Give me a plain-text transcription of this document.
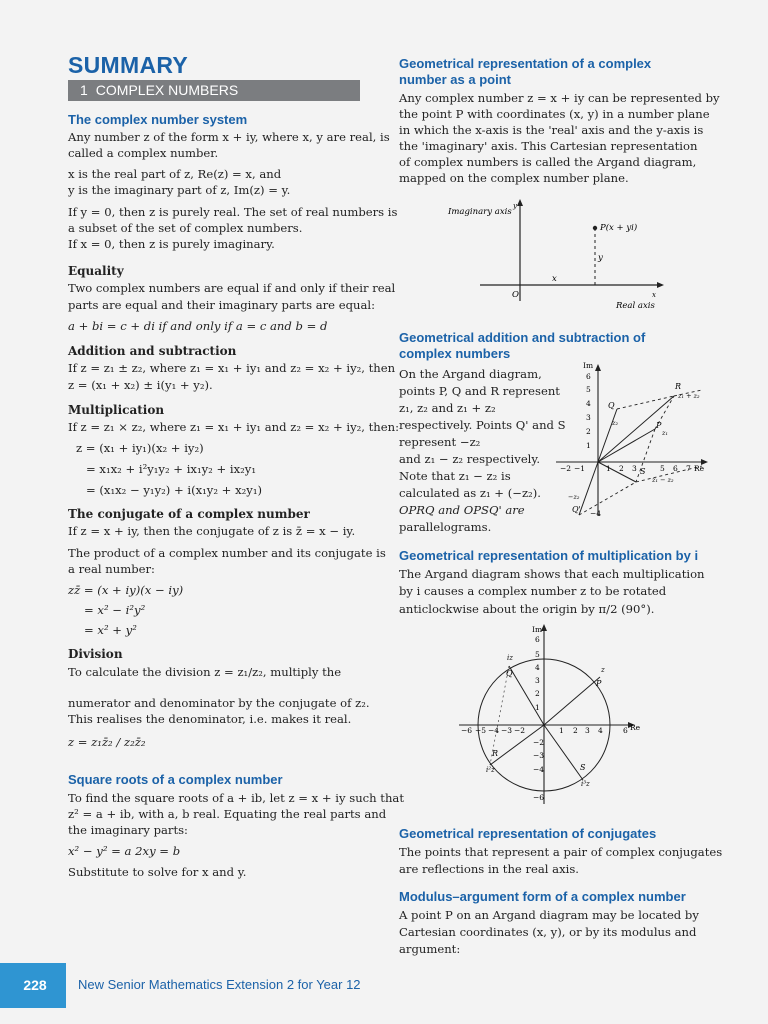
SUMMARY
1 COMPLEX NUMBERS
The complex number system
Any number z of the form x + iy, where x, y are real, is
called a complex number.
x is the real part of z, Re(z) = x, and
y is the imaginary part of z, Im(z) = y.
If y = 0, then z is purely real. The set of real numbers is
a subset of the set of complex numbers.
If x = 0, then z is purely imaginary.
Equality
Two complex numbers are equal if and only if their real
parts are equal and their imaginary parts are equal:
a + bi = c + di if and only if a = c and b = d
Addition and subtraction
If z = z₁ ± z₂, where z₁ = x₁ + iy₁ and z₂ = x₂ + iy₂, then
z = (x₁ + x₂) ± i(y₁ + y₂).
Multiplication
If z = z₁ × z₂, where z₁ = x₁ + iy₁ and z₂ = x₂ + iy₂, then:
z = (x₁ + iy₁)(x₂ + iy₂)
= x₁x₂ + i²y₁y₂ + ix₁y₂ + ix₂y₁
= (x₁x₂ − y₁y₂) + i(x₁y₂ + x₂y₁)
The conjugate of a complex number
If z = x + iy, then the conjugate of z is z̄ = x − iy.
The product of a complex number and its conjugate is
a real number:
zz̄ = (x + iy)(x − iy)
= x² − i²y²
= x² + y²
Division
To calculate the division z = z₁/z₂, multiply the
numerator and denominator by the conjugate of z₂.
This realises the denominator, i.e. makes it real.
z = z₁z̄₂ / z₂z̄₂
Square roots of a complex number
To find the square roots of a + ib, let z = x + iy such that
z² = a + ib, with a, b real. Equating the real parts and
the imaginary parts:
x² − y² = a 2xy = b
Substitute to solve for x and y.
Geometrical representation of a complex
number as a point
Any complex number z = x + iy can be represented by
the point P with coordinates (x, y) in a number plane
in which the x-axis is the 'real' axis and the y-axis is
the 'imaginary' axis. This Cartesian representation
of complex numbers is called the Argand diagram,
mapped on the complex number plane.
Imaginary axis
y
P(x + yi)
y
x
O	x
Real axis
Geometrical addition and subtraction of
complex numbers
On the Argand diagram,
points P, Q and R represent
z₁, z₂ and z₁ + z₂
respectively. Points Q' and S
represent −z₂
and z₁ − z₂ respectively.
Note that z₁ − z₂ is
calculated as z₁ + (−z₂).
OPRQ and OPSQ' are
parallelograms.
Im
6
5
4
3
2
1
−2 −1	1 2 3	5 6 7 Re
R
z₁ + z₂
Q
z₂	P
z₁
S
z₁ − z₂
−z₂
Q' −4
Geometrical representation of multiplication by i
The Argand diagram shows that each multiplication
by i causes a complex number z to be rotated
anticlockwise about the origin by π/2 (90°).
Im
6
5
4
3
2
1
−6 −5 −4 −3 −2	1 2 3 4	6 Re
−2
−3
−4
−6
z
P
iz
Q
R
i²z	S
i³z
Geometrical representation of conjugates
The points that represent a pair of complex conjugates
are reflections in the real axis.
Modulus–argument form of a complex number
A point P on an Argand diagram may be located by
Cartesian coordinates (x, y), or by its modulus and
argument:
228	New Senior Mathematics Extension 2 for Year 12
